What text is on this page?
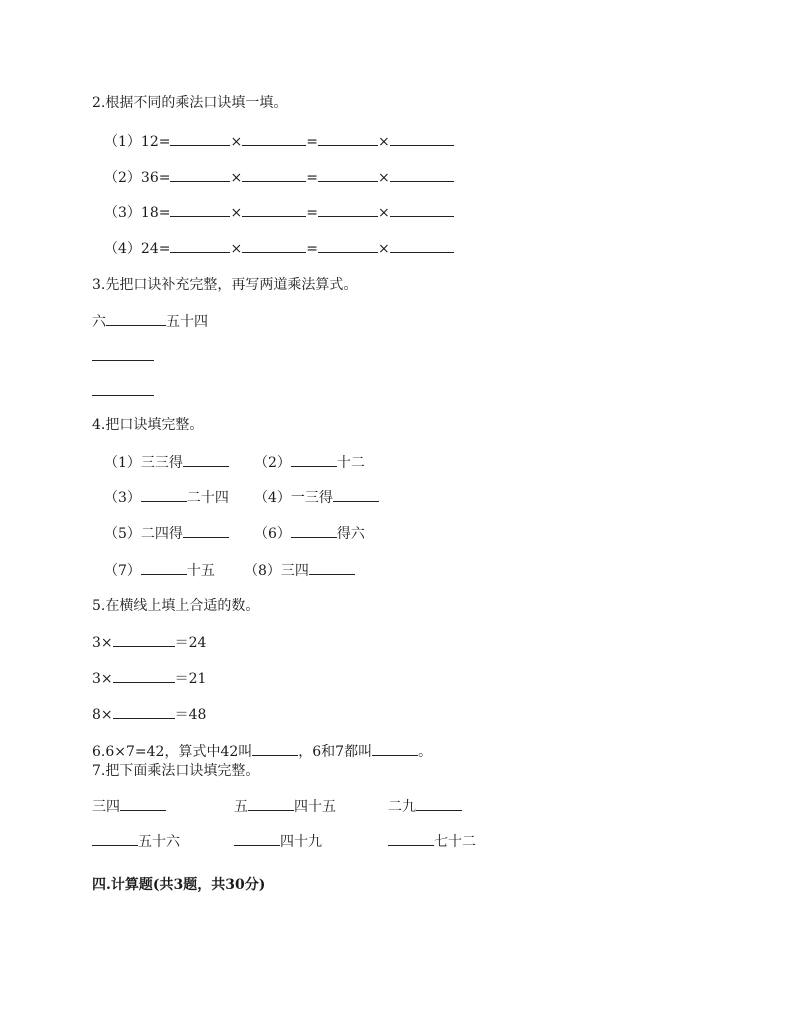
2.根据不同的乘法口诀填一填。
（1）12=	×	=	×
（2）36=	×	=	×
（3）18=	×	=	×
（4）24=	×	=	×
3.先把口诀补充完整，再写两道乘法算式。
六	五十四
4.把口诀填完整。
（1）三三得	（2）	十二
（3）	二十四 （4）一三得
（5）二四得	（6）	得六
（7）	十五 （8）三四
5.在横线上填上合适的数。
3×	＝24
3×	＝21
8×	＝48
6.6×7=42，算式中42叫	，6和7都叫	。
7.把下面乘法口诀填完整。
三四	五	四十五	二九
五十六	四十九	七十二
四.计算题(共3题，共30分)
